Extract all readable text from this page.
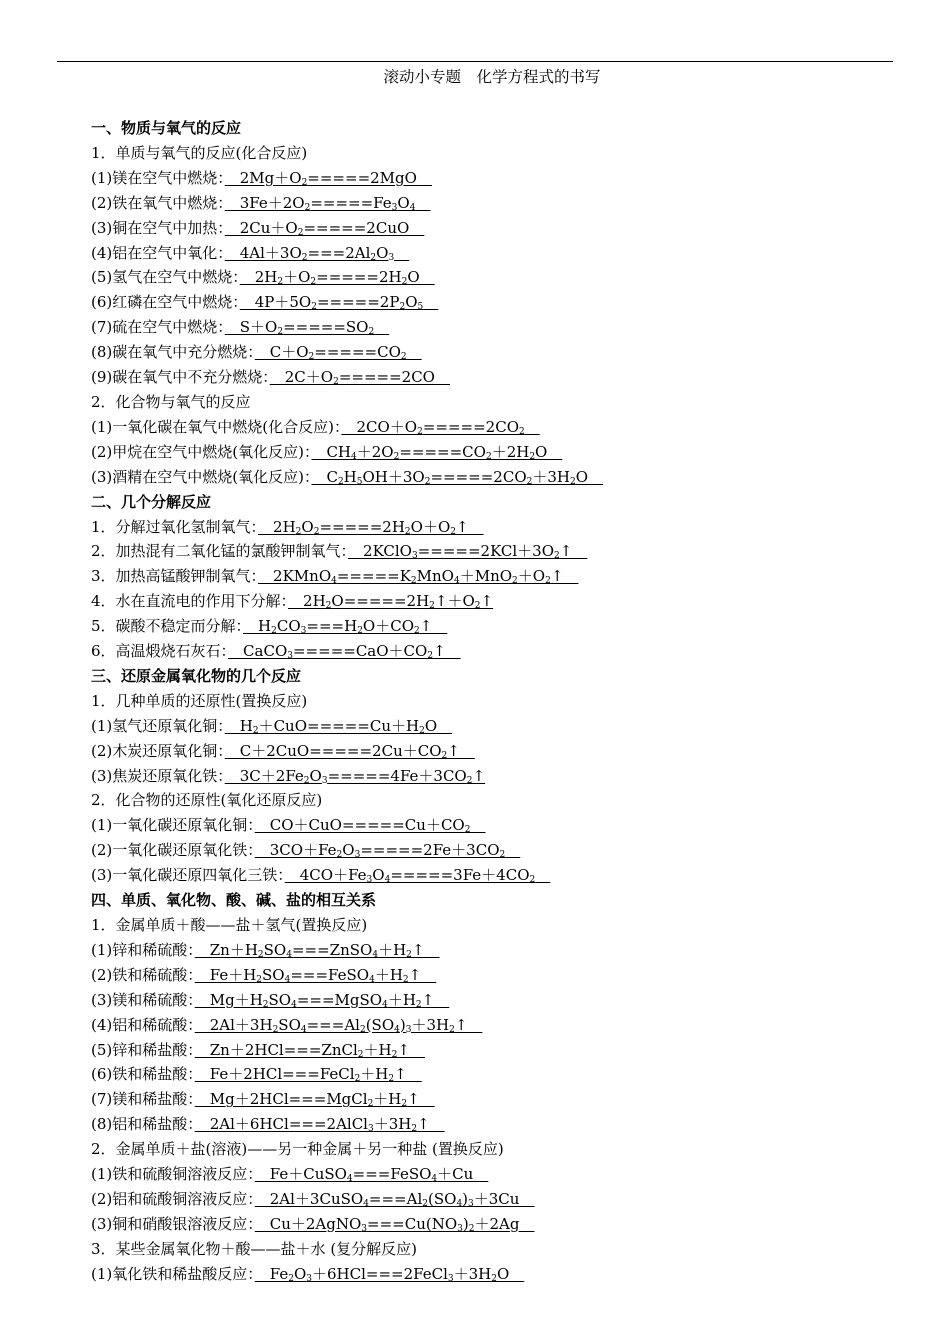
滚动小专题　化学方程式的书写
一、物质与氧气的反应
1．单质与氧气的反应(化合反应)
(1)镁在空气中燃烧：　$2Mg+O_2=====2MgO$　
(2)铁在氧气中燃烧：　$3Fe+2O_2=====Fe_3O_4$　
(3)铜在空气中加热：　$2Cu+O_2=====2CuO$　
(4)铝在空气中氧化：　$4Al+3O_2===2Al_2O_3$　
(5)氢气在空气中燃烧：　$2H_2+O_2=====2H_2O$　
(6)红磷在空气中燃烧：　$4P+5O_2=====2P_2O_5$　
(7)硫在空气中燃烧：　$S+O_2=====SO_2$　
(8)碳在氧气中充分燃烧：　$C+O_2=====CO_2$　
(9)碳在氧气中不充分燃烧：　$2C+O_2=====2CO$　
2．化合物与氧气的反应
(1)一氧化碳在氧气中燃烧(化合反应)：　$2CO+O_2=====2CO_2$　
(2)甲烷在空气中燃烧(氧化反应)：　$CH_4+2O_2=====CO_2+2H_2O$　
(3)酒精在空气中燃烧(氧化反应)：　$C_2H_5OH+3O_2=====2CO_2+3H_2O$　
二、几个分解反应
1．分解过氧化氢制氧气：　$2H_2O_2=====2H_2O+O_2↑$　
2．加热混有二氧化锰的氯酸钾制氧气：　$2KClO_3=====2KCl+3O_2↑$　
3．加热高锰酸钾制氧气：　$2KMnO_4=====K_2MnO_4+MnO_2+O_2↑$　
4．水在直流电的作用下分解：　$2H_2O=====2H_2↑+O_2↑$
5．碳酸不稳定而分解：　$H_2CO_3===H_2O+CO_2↑$　
6．高温煅烧石灰石：　$CaCO_3=====CaO+CO_2↑$　
三、还原金属氧化物的几个反应
1．几种单质的还原性(置换反应)
(1)氢气还原氧化铜：　$H_2+CuO=====Cu+H_2O$　
(2)木炭还原氧化铜：　$C+2CuO=====2Cu+CO_2↑$　
(3)焦炭还原氧化铁：　$3C+2Fe_2O_3=====4Fe+3CO_2↑$
2．化合物的还原性(氧化还原反应)
(1)一氧化碳还原氧化铜：　$CO+CuO=====Cu+CO_2$　
(2)一氧化碳还原氧化铁：　$3CO+Fe_2O_3=====2Fe+3CO_2$　
(3)一氧化碳还原四氧化三铁：　$4CO+Fe_3O_4=====3Fe+4CO_2$　
四、单质、氧化物、酸、碱、盐的相互关系
1．金属单质＋酸——盐＋氢气(置换反应)
(1)锌和稀硫酸：　$Zn+H_2SO_4===ZnSO_4+H_2↑$　
(2)铁和稀硫酸：　$Fe+H_2SO_4===FeSO_4+H_2↑$　
(3)镁和稀硫酸：　$Mg+H_2SO_4===MgSO_4+H_2↑$　
(4)铝和稀硫酸：　$2Al+3H_2SO_4===Al_2(SO_4)_3+3H_2↑$　
(5)锌和稀盐酸：　$Zn+2HCl===ZnCl_2+H_2↑$　
(6)铁和稀盐酸：　$Fe+2HCl===FeCl_2+H_2↑$　
(7)镁和稀盐酸：　$Mg+2HCl===MgCl_2+H_2↑$　
(8)铝和稀盐酸：　$2Al+6HCl===2AlCl_3+3H_2↑$　
2．金属单质＋盐(溶液)——另一种金属＋另一种盐 (置换反应)
(1)铁和硫酸铜溶液反应：　Fe＋CuSO$_4$===FeSO$_4$＋Cu　
(2)铝和硫酸铜溶液反应：　$2Al+3CuSO_4===Al_2(SO_4)_3+3Cu$　
(3)铜和硝酸银溶液反应：　$Cu+2AgNO_3===Cu(NO_3)_2+2Ag$　
3．某些金属氧化物＋酸——盐＋水 (复分解反应)
(1)氧化铁和稀盐酸反应：　$Fe_2O_3+6HCl===2FeCl_3+3H_2O$　
